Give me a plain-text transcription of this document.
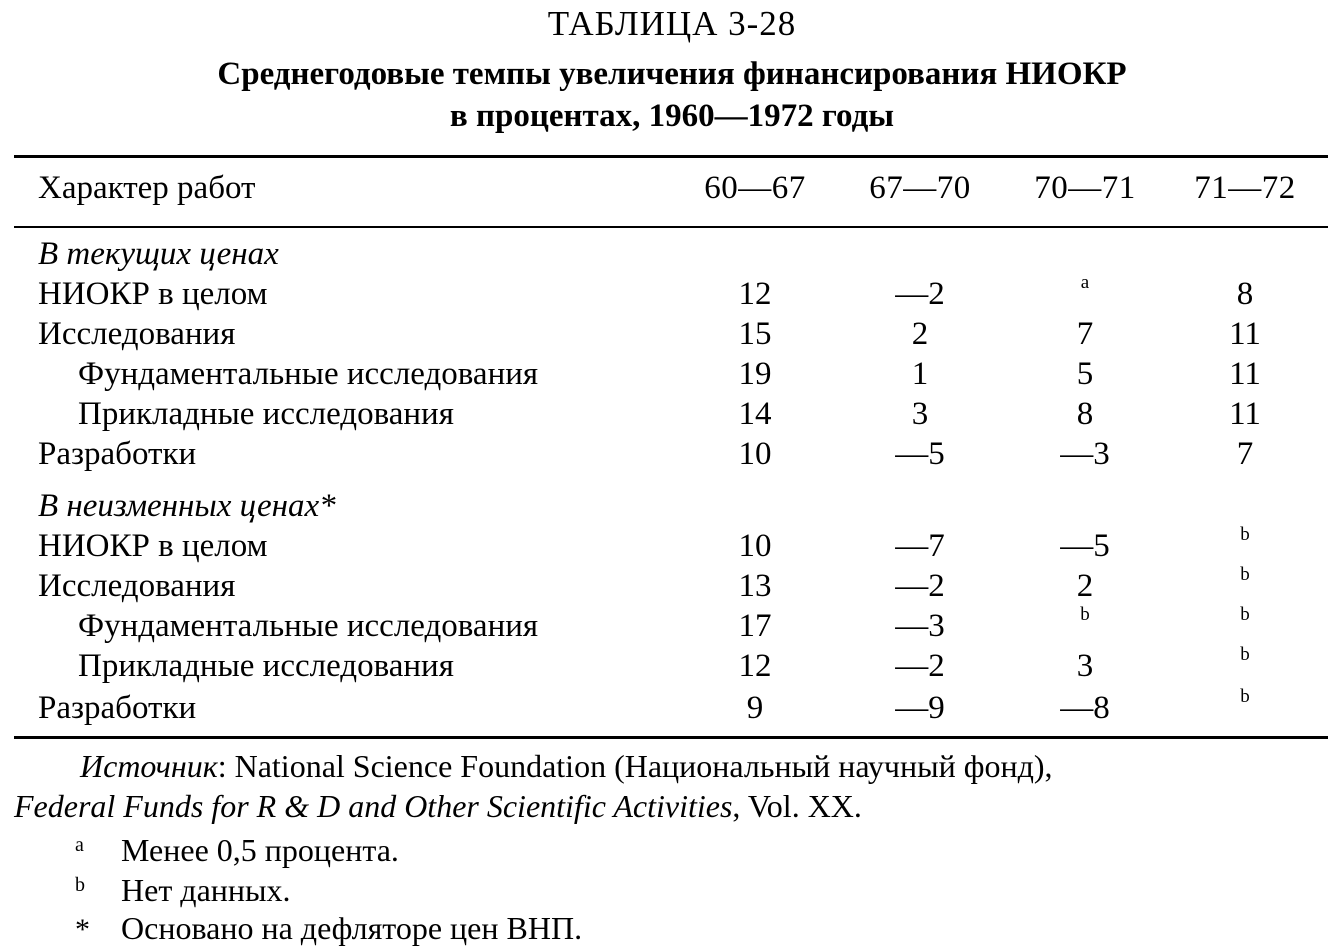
ТАБЛИЦА 3-28
Среднегодовые темпы увеличения финансирования НИОКР
в процентах, 1960—1972 годы
Характер работ	60—67	67—70	70—71	71—72
В текущих ценах
НИОКР в целом	12	—2	$^a$	8
Исследования	15	2	7	11
Фундаментальные исследования	19	1	5	11
Прикладные исследования	14	3	8	11
Разработки	10	—5	—3	7
В неизменных ценах*
НИОКР в целом	10	—7	—5	$^b$
Исследования	13	—2	2	$^b$
Фундаментальные исследования	17	—3	$^b$	$^b$
Прикладные исследования	12	—2	3	$^b$
Разработки	9	—9	—8	$^b$
Источник: National Science Foundation (Национальный научный фонд),
Federal Funds for R & D and Other Scientific Activities, Vol. XX.
a Менее 0,5 процента.
b Нет данных.
* Основано на дефляторе цен ВНП.
